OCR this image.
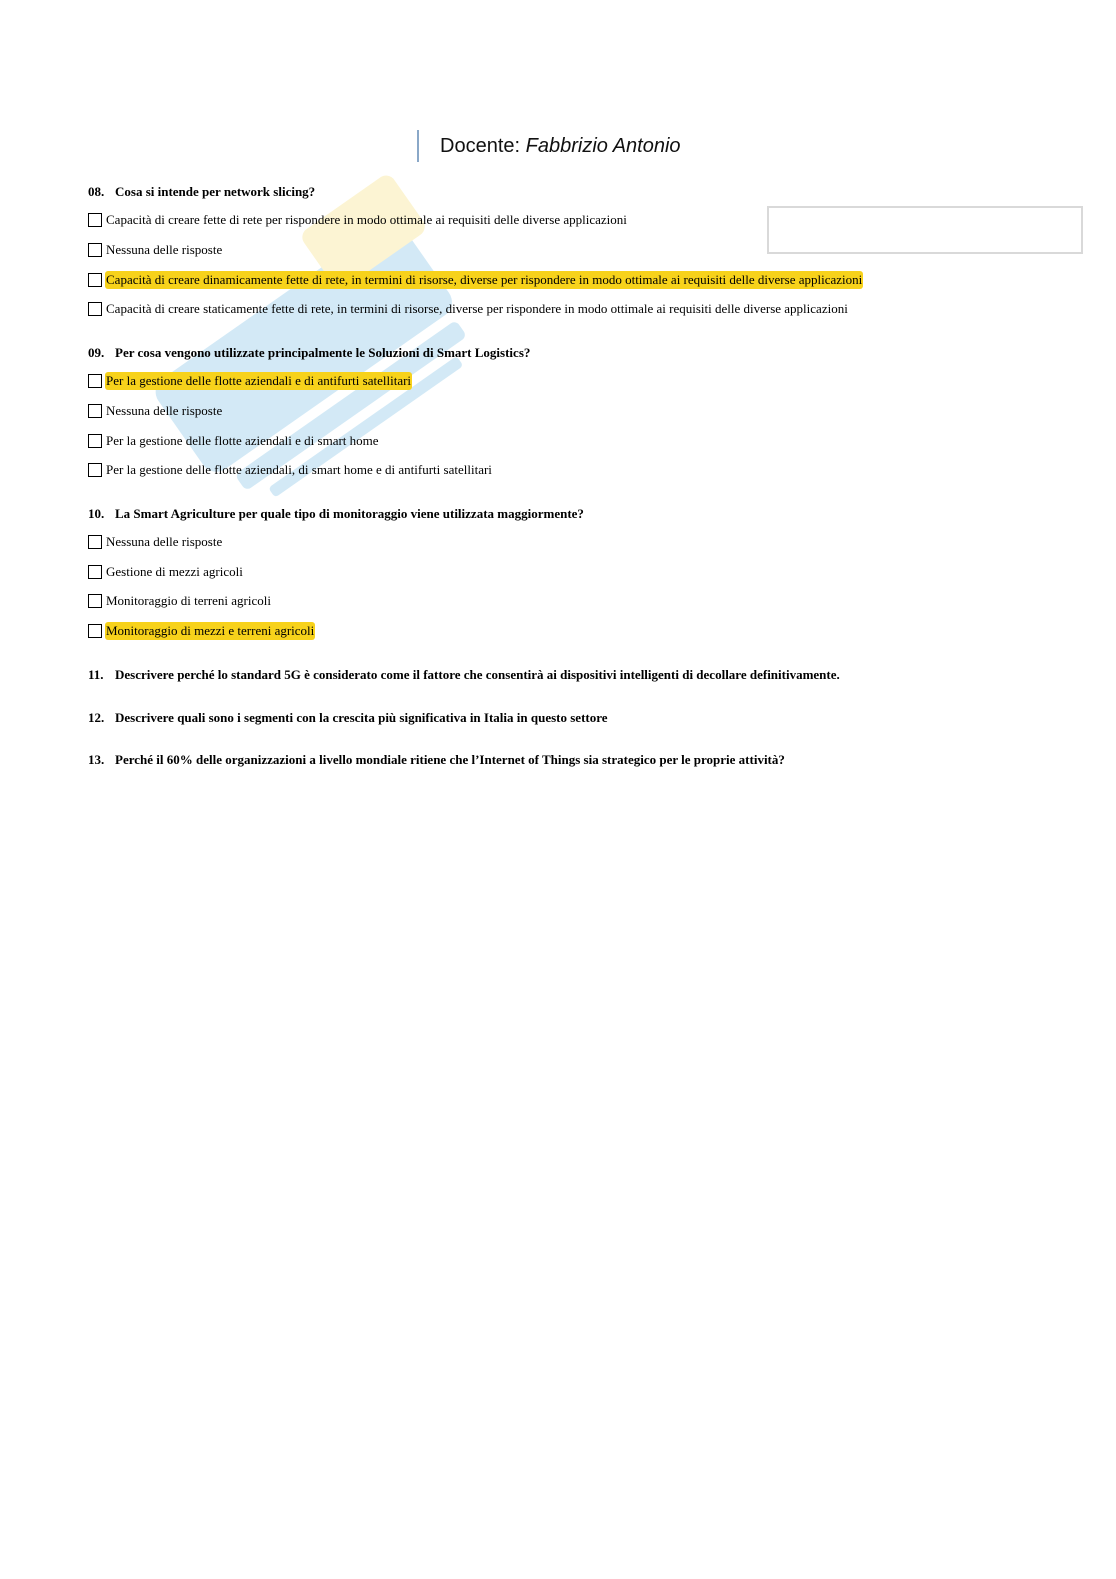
Docente: Fabbrizio Antonio
08. Cosa si intende per network slicing?
Capacità di creare fette di rete per rispondere in modo ottimale ai requisiti delle diverse applicazioni
Nessuna delle risposte
Capacità di creare dinamicamente fette di rete, in termini di risorse, diverse per rispondere in modo ottimale ai requisiti delle diverse applicazioni
Capacità di creare staticamente fette di rete, in termini di risorse, diverse per rispondere in modo ottimale ai requisiti delle diverse applicazioni
09. Per cosa vengono utilizzate principalmente le Soluzioni di Smart Logistics?
Per la gestione delle flotte aziendali e di antifurti satellitari
Nessuna delle risposte
Per la gestione delle flotte aziendali e di smart home
Per la gestione delle flotte aziendali, di smart home e di antifurti satellitari
10. La Smart Agriculture per quale tipo di monitoraggio viene utilizzata maggiormente?
Nessuna delle risposte
Gestione di mezzi agricoli
Monitoraggio di terreni agricoli
Monitoraggio di mezzi e terreni agricoli
11. Descrivere perché lo standard 5G è considerato come il fattore che consentirà ai dispositivi intelligenti di decollare definitivamente.
12. Descrivere quali sono i segmenti con la crescita più significativa in Italia in questo settore
13. Perché il 60% delle organizzazioni a livello mondiale ritiene che l’Internet of Things sia strategico per le proprie attività?
